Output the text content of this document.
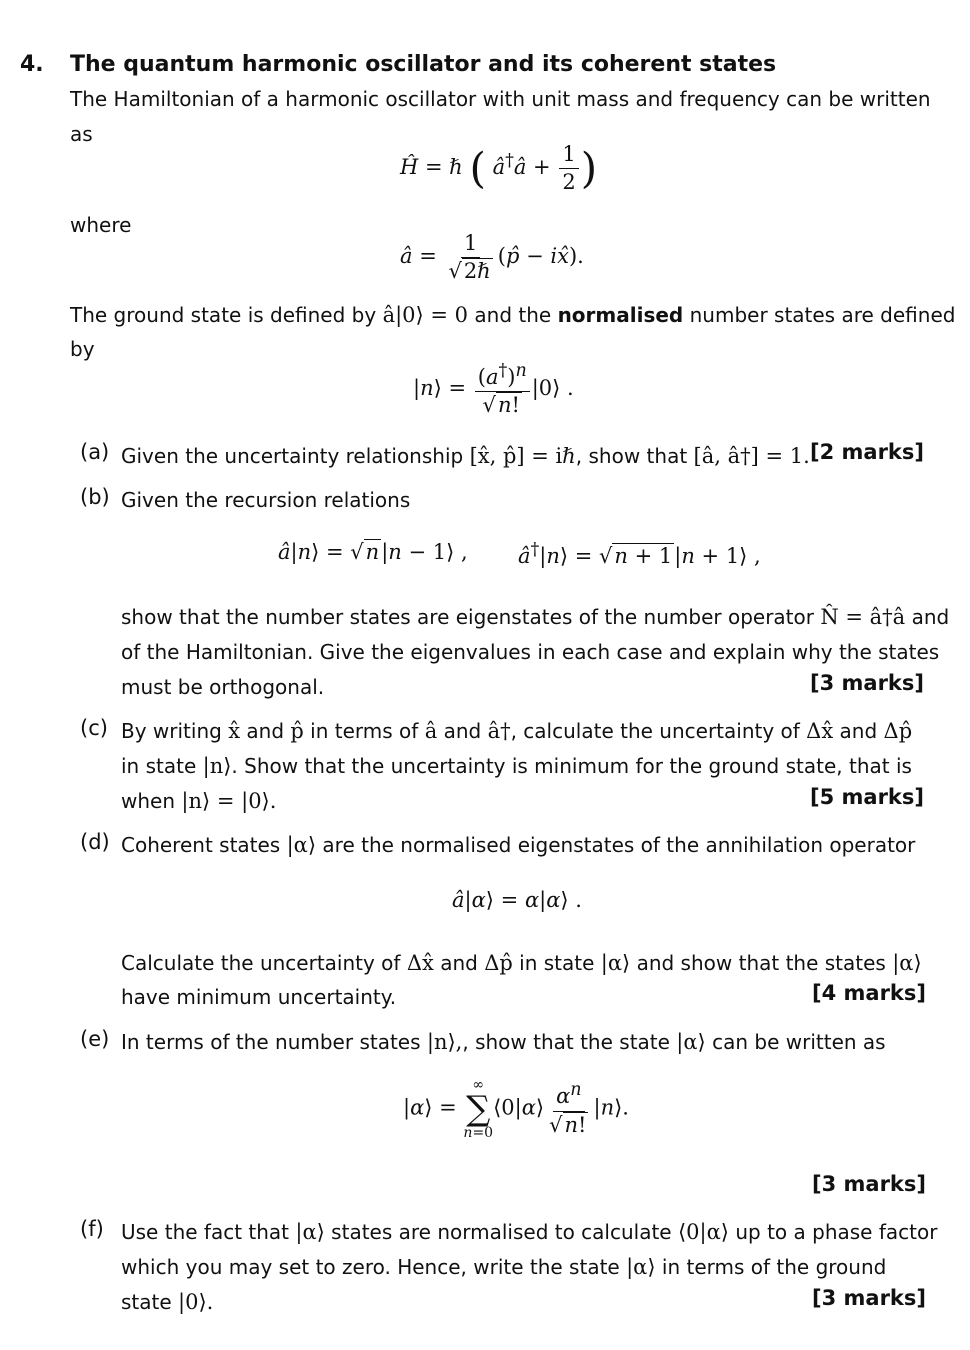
4. The quantum harmonic oscillator and its coherent states
The Hamiltonian of a harmonic oscillator with unit mass and frequency can be written
as
Ĥ = ℏ ( â†â + $\frac{1}{2}$ )
where
â = $\frac{1}{\text{√2ℏ}}$ (p̂ − ix̂).
The ground state is defined by â|0⟩ = 0 and the normalised number states are defined
by
|n⟩ = $\frac{(a^\dagger)^n}{√n!}$ |0⟩ .
(a) Given the uncertainty relationship [x̂, p̂] = iℏ, show that [â, â†] = 1. [2 marks]
(b) Given the recursion relations
â|n⟩ = √n|n − 1⟩ , â†|n⟩ = √n + 1|n + 1⟩ ,
show that the number states are eigenstates of the number operator N̂ = â†â and
of the Hamiltonian. Give the eigenvalues in each case and explain why the states
must be orthogonal.	[3 marks]
(c) By writing x̂ and p̂ in terms of â and â†, calculate the uncertainty of Δx̂ and Δp̂
in state |n⟩. Show that the uncertainty is minimum for the ground state, that is
when |n⟩ = |0⟩.	[5 marks]
(d) Coherent states |α⟩ are the normalised eigenstates of the annihilation operator
â|α⟩ = α|α⟩ .
Calculate the uncertainty of Δx̂ and Δp̂ in state |α⟩ and show that the states |α⟩
have minimum uncertainty.	[4 marks]
(e) In terms of the number states |n⟩,, show that the state |α⟩ can be written as
|α⟩ =
∞
∑
n=0
⟨0|α⟩ $\frac{\alpha^n}{√n!}$ |n⟩.
[3 marks]
(f) Use the fact that |α⟩ states are normalised to calculate ⟨0|α⟩ up to a phase factor
which you may set to zero. Hence, write the state |α⟩ in terms of the ground
state |0⟩.	[3 marks]
